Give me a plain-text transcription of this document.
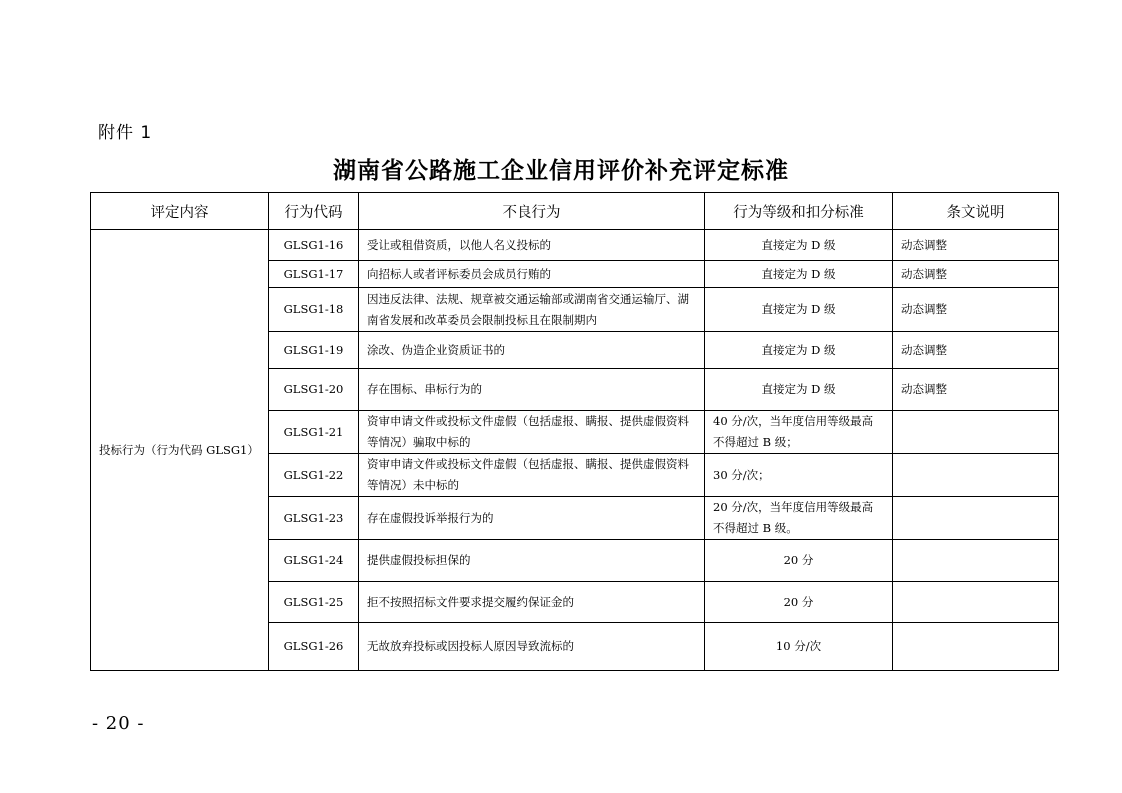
附件 1
湖南省公路施工企业信用评价补充评定标准
评定内容	行为代码	不良行为	行为等级和扣分标准	条文说明
投标行为（行为代码 GLSG1）	GLSG1-16	受让或租借资质，以他人名义投标的	直接定为 D 级	动态调整
	GLSG1-17	向招标人或者评标委员会成员行贿的	直接定为 D 级	动态调整
	GLSG1-18	因违反法律、法规、规章被交通运输部或湖南省交通运输厅、湖南省发展和改革委员会限制投标且在限制期内	直接定为 D 级	动态调整
	GLSG1-19	涂改、伪造企业资质证书的	直接定为 D 级	动态调整
	GLSG1-20	存在围标、串标行为的	直接定为 D 级	动态调整
	GLSG1-21	资审申请文件或投标文件虚假（包括虚报、瞒报、提供虚假资料等情况）骗取中标的	40 分/次，当年度信用等级最高不得超过 B 级；	
	GLSG1-22	资审申请文件或投标文件虚假（包括虚报、瞒报、提供虚假资料等情况）未中标的	30 分/次；	
	GLSG1-23	存在虚假投诉举报行为的	20 分/次，当年度信用等级最高不得超过 B 级。	
	GLSG1-24	提供虚假投标担保的	20 分	
	GLSG1-25	拒不按照招标文件要求提交履约保证金的	20 分	
	GLSG1-26	无故放弃投标或因投标人原因导致流标的	10 分/次	
- 20 -
